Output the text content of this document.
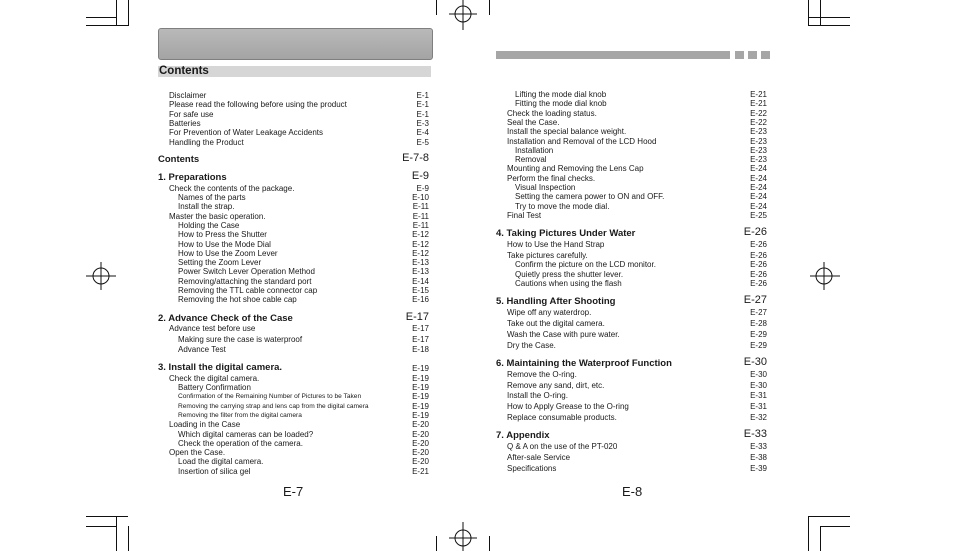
Contents
Disclaimer	E-1
Please read the following before using the product	E-1
For safe use	E-1
Batteries	E-3
For Prevention of Water Leakage Accidents	E-4
Handling the Product	E-5
Contents	E-7-8
1. Preparations	E-9
Check the contents of the package.	E-9
Names of the parts	E-10
Install the strap.	E-11
Master the basic operation.	E-11
Holding the Case	E-11
How to Press the Shutter	E-12
How to Use the Mode Dial	E-12
How to Use the Zoom Lever	E-12
Setting the Zoom Lever	E-13
Power Switch Lever Operation Method	E-13
Removing/attaching the standard port	E-14
Removing the TTL cable connector cap	E-15
Removing the hot shoe cable cap	E-16
2. Advance Check of the Case	E-17
Advance test before use	E-17
Making sure the case is waterproof	E-17
Advance Test	E-18
3. Install the digital camera.	E-19
Check the digital camera.	E-19
Battery Confirmation	E-19
Confirmation of the Remaining Number of Pictures to be Taken	E-19
Removing the carrying strap and lens cap from the digital camera	E-19
Removing the filter from the digital camera	E-19
Loading in the Case	E-20
Which digital cameras can be loaded?	E-20
Check the operation of the camera.	E-20
Open the Case.	E-20
Load the digital camera.	E-20
Insertion of silica gel	E-21
E-7
Lifting the mode dial knob	E-21
Fitting the mode dial knob	E-21
Check the loading status.	E-22
Seal the Case.	E-22
Install the special balance weight.	E-23
Installation and Removal of the LCD Hood	E-23
Installation	E-23
Removal	E-23
Mounting and Removing the Lens Cap	E-24
Perform the final checks.	E-24
Visual Inspection	E-24
Setting the camera power to ON and OFF.	E-24
Try to move the mode dial.	E-24
Final Test	E-25
4. Taking Pictures Under Water	E-26
How to Use the Hand Strap	E-26
Take pictures carefully.	E-26
Confirm the picture on the LCD monitor.	E-26
Quietly press the shutter lever.	E-26
Cautions when using the flash	E-26
5. Handling After Shooting	E-27
Wipe off any waterdrop.	E-27
Take out the digital camera.	E-28
Wash the Case with pure water.	E-29
Dry the Case.	E-29
6. Maintaining the Waterproof Function	E-30
Remove the O-ring.	E-30
Remove any sand, dirt, etc.	E-30
Install the O-ring.	E-31
How to Apply Grease to the O-ring	E-31
Replace consumable products.	E-32
7. Appendix	E-33
Q & A on the use of the PT-020	E-33
After-sale Service	E-38
Specifications	E-39
E-8
